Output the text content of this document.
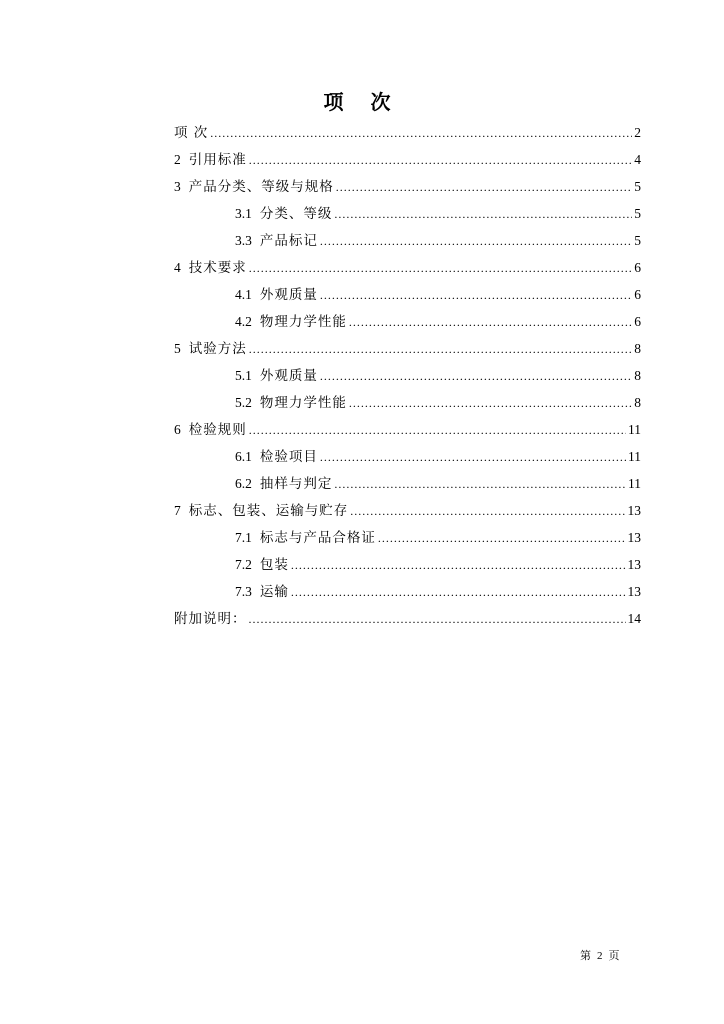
项 次
项 次 .....	2
2 引用标准 .....	4
3 产品分类、等级与规格 .....	5
3.1 分类、等级 .....	5
3.3 产品标记 .....	5
4 技术要求 .....	6
4.1 外观质量 .....	6
4.2 物理力学性能 .....	6
5 试验方法 .....	8
5.1 外观质量 .....	8
5.2 物理力学性能 .....	8
6 检验规则 .....	11
6.1 检验项目 .....	11
6.2 抽样与判定 .....	11
7 标志、包装、运输与贮存 .....	13
7.1 标志与产品合格证 .....	13
7.2 包装 .....	13
7.3 运输 .....	13
附加说明： .....	14
第 2 页
